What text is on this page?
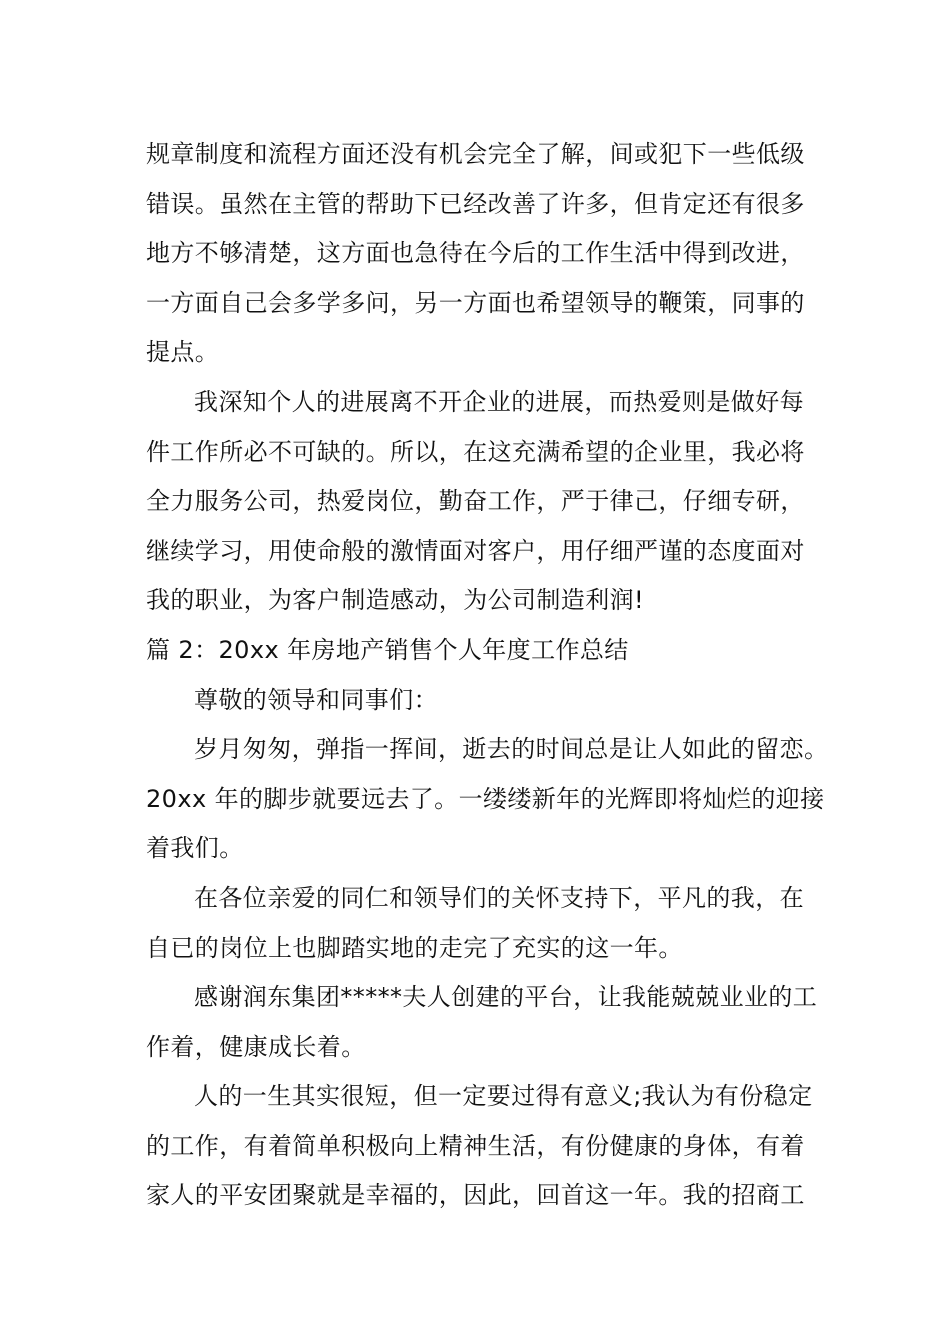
规章制度和流程方面还没有机会完全了解，间或犯下一些低级
错误。虽然在主管的帮助下已经改善了许多，但肯定还有很多
地方不够清楚，这方面也急待在今后的工作生活中得到改进，
一方面自己会多学多问，另一方面也希望领导的鞭策，同事的
提点。
我深知个人的进展离不开企业的进展，而热爱则是做好每
件工作所必不可缺的。所以，在这充满希望的企业里，我必将
全力服务公司，热爱岗位，勤奋工作，严于律己，仔细专研，
继续学习，用使命般的激情面对客户，用仔细严谨的态度面对
我的职业，为客户制造感动，为公司制造利润!
篇 2：20xx 年房地产销售个人年度工作总结
尊敬的领导和同事们：
岁月匆匆，弹指一挥间，逝去的时间总是让人如此的留恋。
20xx 年的脚步就要远去了。一缕缕新年的光辉即将灿烂的迎接
着我们。
在各位亲爱的同仁和领导们的关怀支持下，平凡的我，在
自已的岗位上也脚踏实地的走完了充实的这一年。
感谢润东集团*****夫人创建的平台，让我能兢兢业业的工
作着，健康成长着。
人的一生其实很短，但一定要过得有意义;我认为有份稳定
的工作，有着简单积极向上精神生活，有份健康的身体，有着
家人的平安团聚就是幸福的，因此，回首这一年。我的招商工
